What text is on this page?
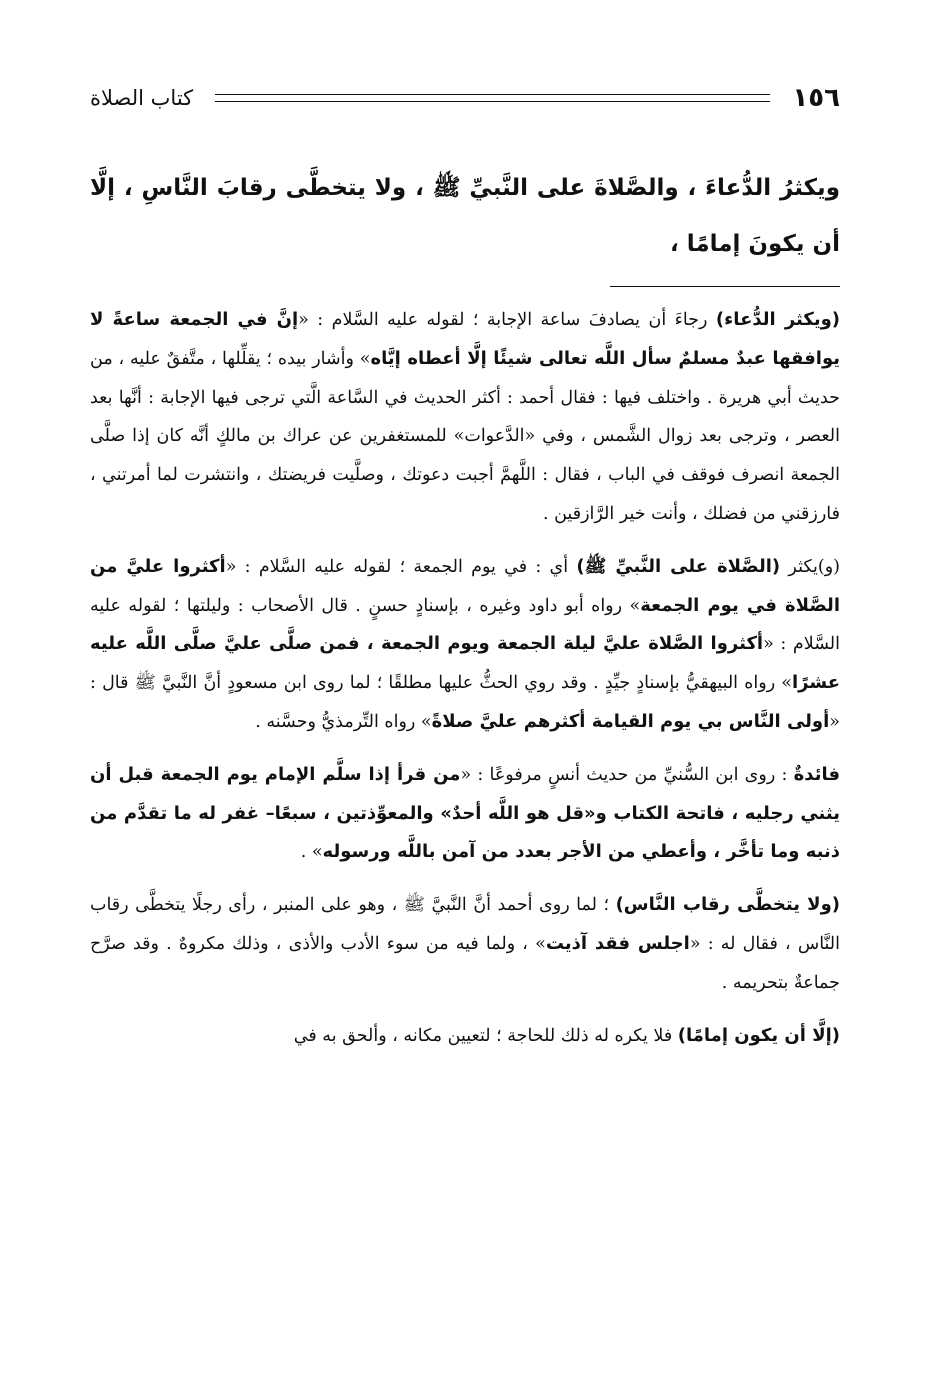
١٥٦
كتاب الصلاة
ويكثرُ الدُّعاءَ ، والصَّلاةَ على النَّبيِّ ﷺ ، ولا يتخطَّى رقابَ النَّاسِ ، إلَّا أن يكونَ إمامًا ،

(ويكثر الدُّعاء) رجاءَ أن يصادفَ ساعة الإجابة ؛ لقوله عليه السَّلام : «إنَّ في الجمعة ساعةً لا يوافقها عبدٌ مسلمٌ سأل اللَّه تعالى شيئًا إلَّا أعطاه إيَّاه» وأشار بيده ؛ يقلِّلها ، متَّفقٌ عليه ، من حديث أبي هريرة . واختلف فيها : فقال أحمد : أكثر الحديث في السَّاعة الَّتي ترجى فيها الإجابة : أنَّها بعد العصر ، وترجى بعد زوال الشَّمس ، وفي «الدَّعوات» للمستغفرين عن عراك بن مالكٍ أنَّه كان إذا صلَّى الجمعة انصرف فوقف في الباب ، فقال : اللَّهمَّ أجبت دعوتك ، وصلَّيت فريضتك ، وانتشرت لما أمرتني ، فارزقني من فضلك ، وأنت خير الرَّازقين .

(و)يكثر (الصَّلاة على النَّبيِّ ﷺ) أي : في يوم الجمعة ؛ لقوله عليه السَّلام : «أكثروا عليَّ من الصَّلاة في يوم الجمعة» رواه أبو داود وغيره ، بإسنادٍ حسنٍ . قال الأصحاب : وليلتها ؛ لقوله عليه السَّلام : «أكثروا الصَّلاة عليَّ ليلة الجمعة ويوم الجمعة ، فمن صلَّى عليَّ صلَّى اللَّه عليه عشرًا» رواه البيهقيُّ بإسنادٍ جيِّدٍ . وقد روي الحثُّ عليها مطلقًا ؛ لما روى ابن مسعودٍ أنَّ النَّبيَّ ﷺ قال : «أولى النَّاس بي يوم القيامة أكثرهم عليَّ صلاةً» رواه التِّرمذيُّ وحسَّنه .

فائدةٌ : روى ابن السُّنيِّ من حديث أنسٍ مرفوعًا : «من قرأ إذا سلَّم الإمام يوم الجمعة قبل أن يثني رجليه ، فاتحة الكتاب و«قل هو اللَّه أحدٌ» والمعوِّذتين ، سبعًا– غفر له ما تقدَّم من ذنبه وما تأخَّر ، وأعطي من الأجر بعدد من آمن باللَّه ورسوله» .

(ولا يتخطَّى رقاب النَّاس) ؛ لما روى أحمد أنَّ النَّبيَّ ﷺ ، وهو على المنبر ، رأى رجلًا يتخطَّى رقاب النَّاس ، فقال له : «اجلس فقد آذيت» ، ولما فيه من سوء الأدب والأذى ، وذلك مكروهٌ . وقد صرَّح جماعةٌ بتحريمه .

(إلَّا أن يكون إمامًا) فلا يكره له ذلك للحاجة ؛ لتعيين مكانه ، وألحق به في
